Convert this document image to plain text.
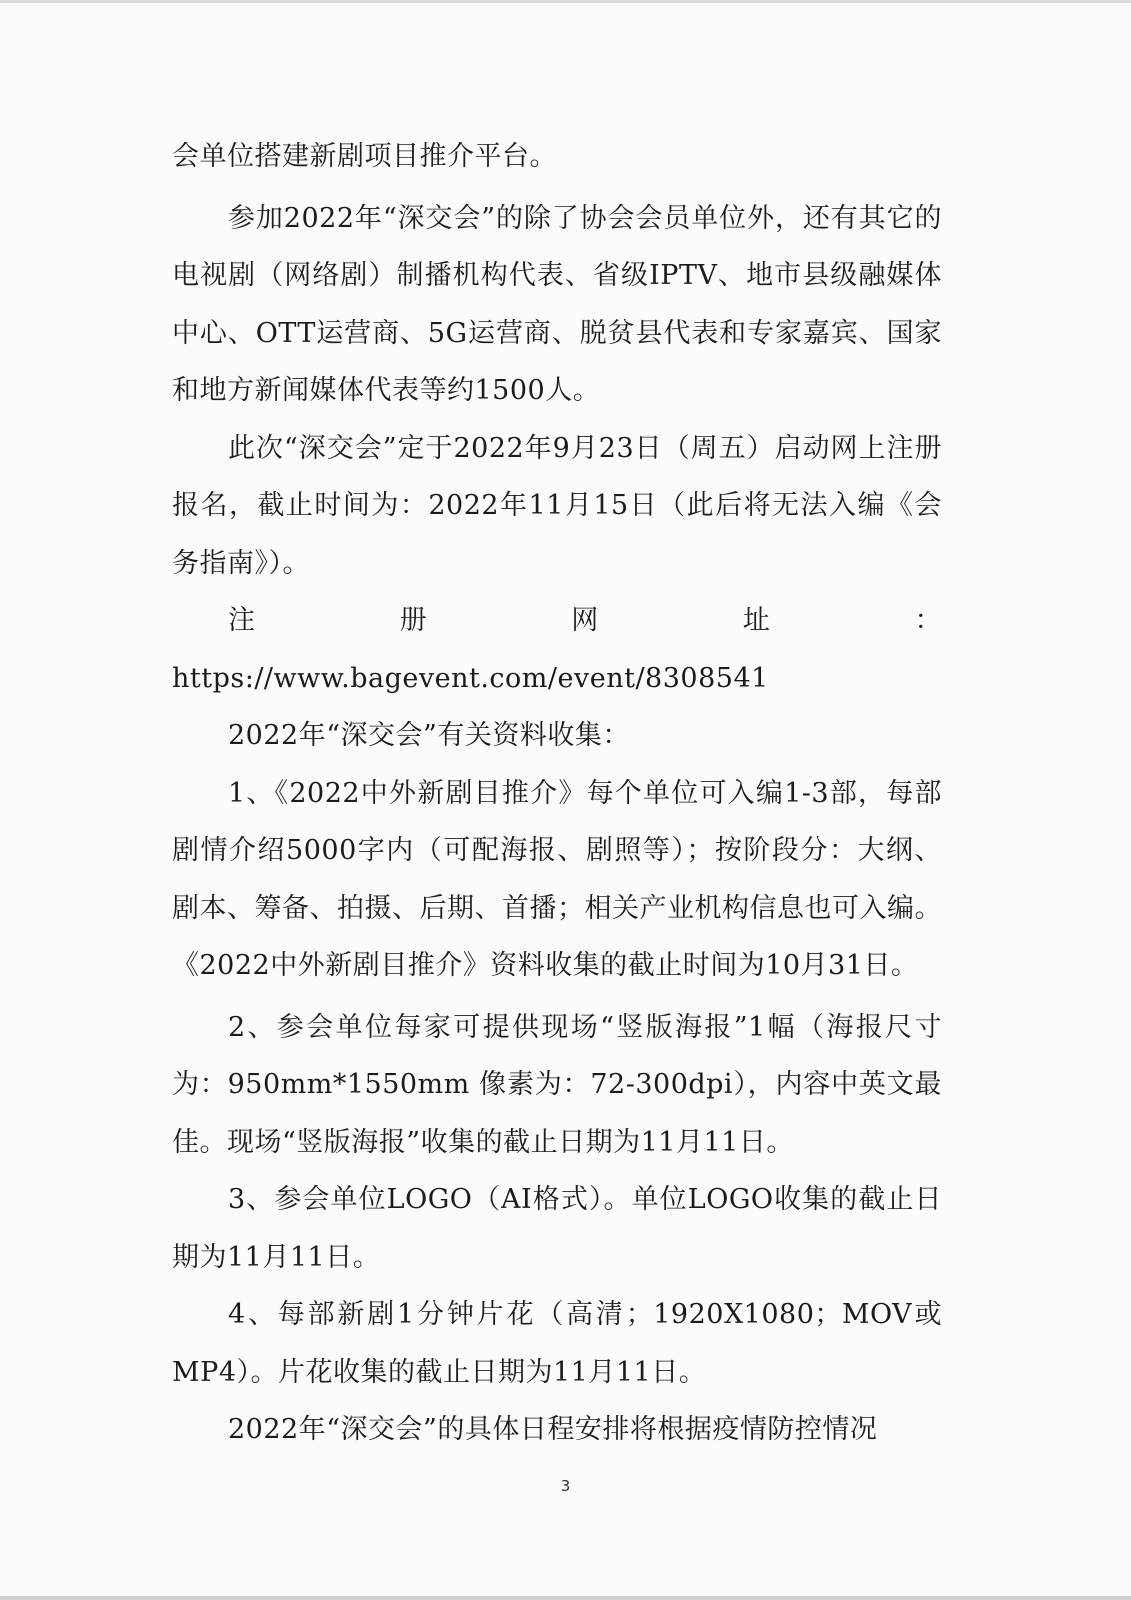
会单位搭建新剧项目推介平台。

参加2022年“深交会”的除了协会会员单位外，还有其它的电视剧（网络剧）制播机构代表、省级IPTV、地市县级融媒体中心、OTT运营商、5G运营商、脱贫县代表和专家嘉宾、国家和地方新闻媒体代表等约1500人。

此次“深交会”定于2022年9月23日（周五）启动网上注册报名，截止时间为：2022年11月15日（此后将无法入编《会务指南》）。

注册网址：https://www.bagevent.com/event/8308541

2022年“深交会”有关资料收集：

1、《2022中外新剧目推介》每个单位可入编1-3部，每部剧情介绍5000字内（可配海报、剧照等）；按阶段分：大纲、剧本、筹备、拍摄、后期、首播；相关产业机构信息也可入编。《2022中外新剧目推介》资料收集的截止时间为10月31日。

2、参会单位每家可提供现场“竖版海报”1幅（海报尺寸为：950mm*1550mm 像素为：72-300dpi），内容中英文最佳。现场“竖版海报”收集的截止日期为11月11日。

3、参会单位LOGO（AI格式）。单位LOGO收集的截止日期为11月11日。

4、每部新剧1分钟片花（高清；1920X1080；MOV或MP4）。片花收集的截止日期为11月11日。

2022年“深交会”的具体日程安排将根据疫情防控情况

3
